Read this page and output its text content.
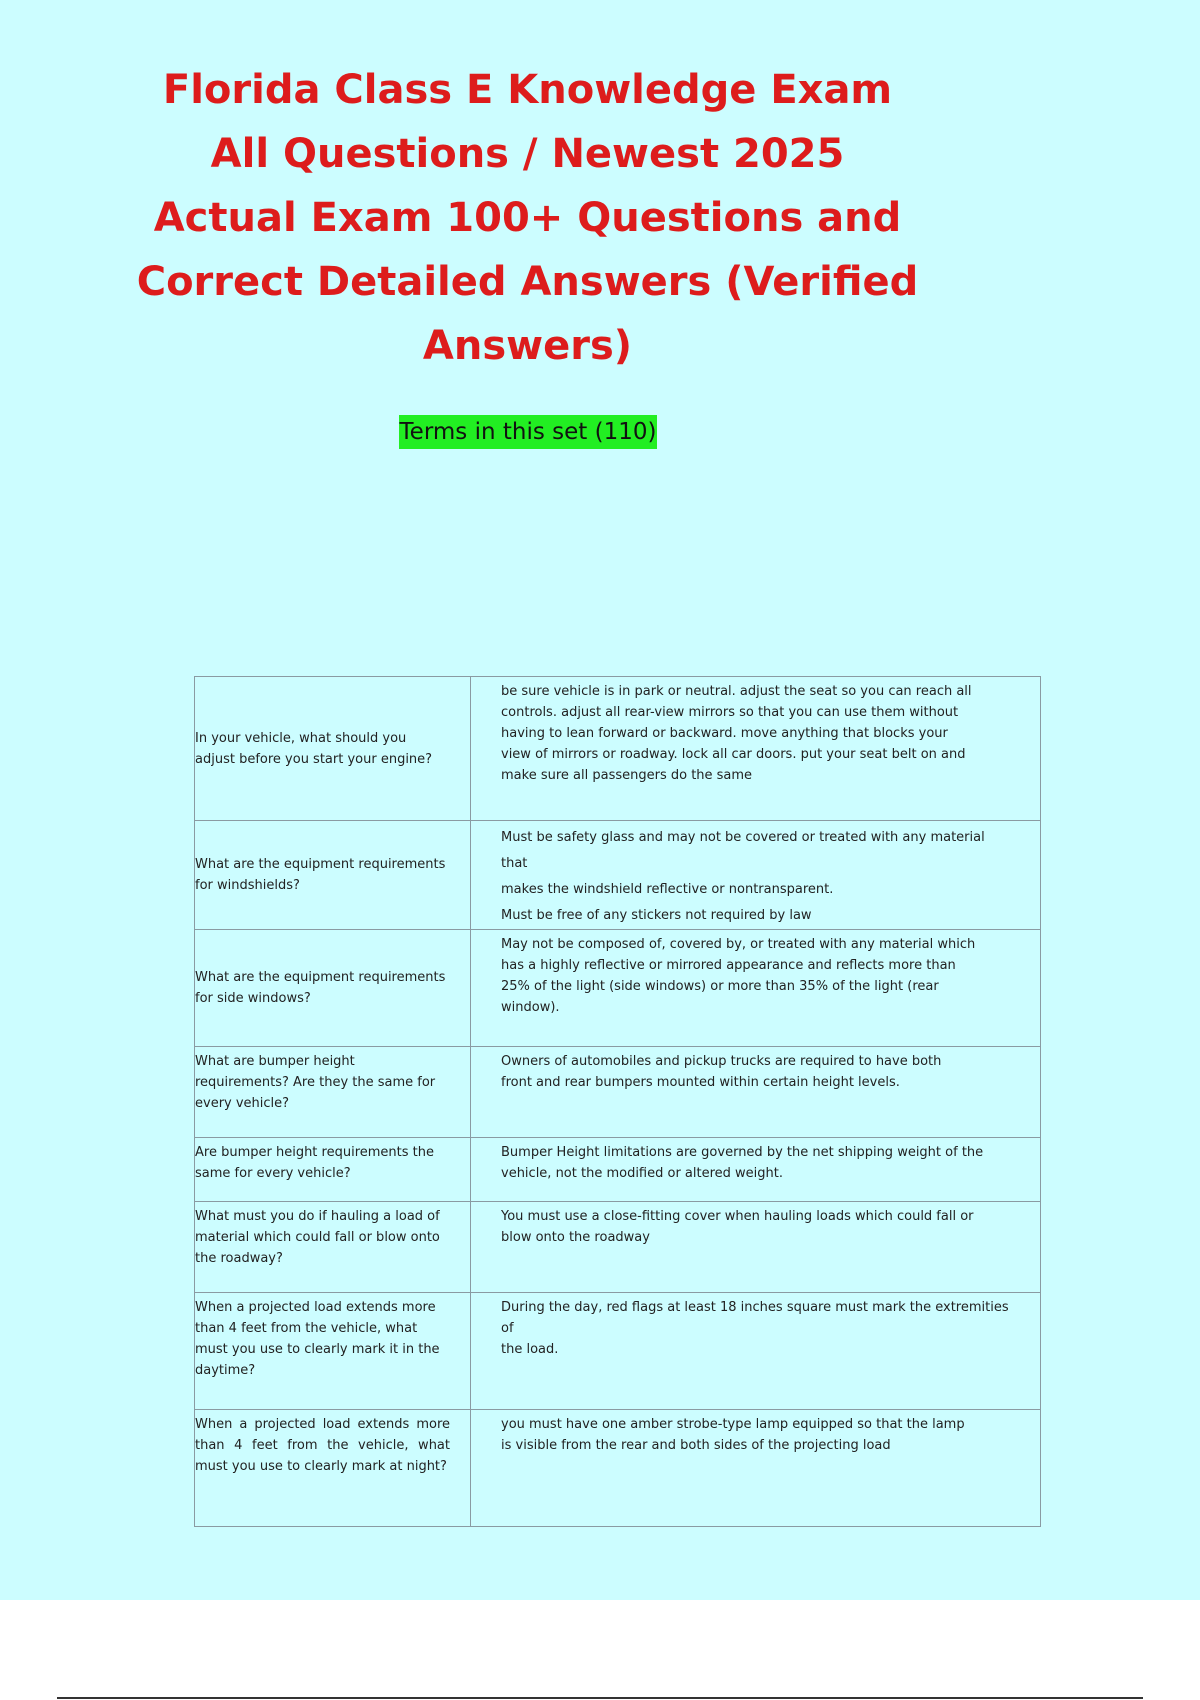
Florida Class E Knowledge Exam
All Questions / Newest 2025
Actual Exam 100+ Questions and
Correct Detailed Answers (Verified
Answers)
Terms in this set (110)
In your vehicle, what should you adjust before you start your engine?	be sure vehicle is in park or neutral. adjust the seat so you can reach all
controls. adjust all rear-view mirrors so that you can use them without
having to lean forward or backward. move anything that blocks your
view of mirrors or roadway. lock all car doors. put your seat belt on and
make sure all passengers do the same

What are the equipment requirements for windshields?	Must be safety glass and may not be covered or treated with any material that
makes the windshield reflective or nontransparent.
Must be free of any stickers not required by law

What are the equipment requirements for side windows?	May not be composed of, covered by, or treated with any material which
has a highly reflective or mirrored appearance and reflects more than
25% of the light (side windows) or more than 35% of the light (rear
window).

What are bumper height requirements? Are they the same for every vehicle?	Owners of automobiles and pickup trucks are required to have both
front and rear bumpers mounted within certain height levels.

Are bumper height requirements the same for every vehicle?	Bumper Height limitations are governed by the net shipping weight of the
vehicle, not the modified or altered weight.

What must you do if hauling a load of material which could fall or blow onto the roadway?	You must use a close-fitting cover when hauling loads which could fall or
blow onto the roadway

When a projected load extends more than 4 feet from the vehicle, what must you use to clearly mark it in the daytime?	During the day, red flags at least 18 inches square must mark the extremities of
the load.

When a projected load extends more than 4 feet from the vehicle, what must you use to clearly mark at night?	you must have one amber strobe-type lamp equipped so that the lamp
is visible from the rear and both sides of the projecting load
